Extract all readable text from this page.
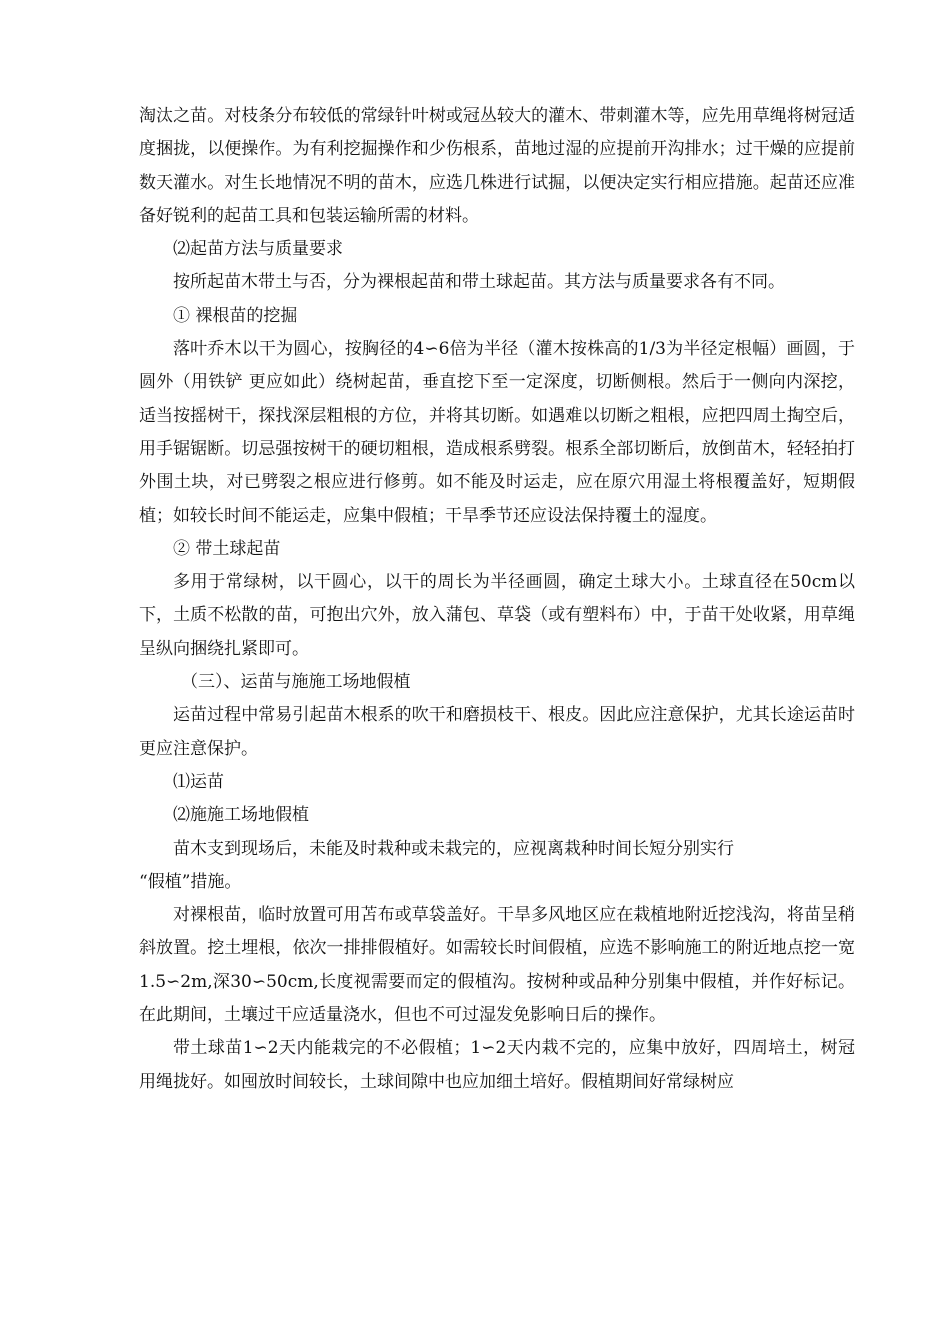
淘汰之苗。对枝条分布较低的常绿针叶树或冠丛较大的灌木、带刺灌木等，应先用草绳将树冠适度捆拢，以便操作。为有利挖掘操作和少伤根系，苗地过湿的应提前开沟排水；过干燥的应提前数天灌水。对生长地情况不明的苗木，应选几株进行试掘，以便决定实行相应措施。起苗还应准备好锐利的起苗工具和包装运输所需的材料。

⑵起苗方法与质量要求

按所起苗木带土与否，分为裸根起苗和带土球起苗。其方法与质量要求各有不同。

① 裸根苗的挖掘

落叶乔木以干为圆心，按胸径的4∽6倍为半径（灌木按株高的1/3为半径定根幅）画圆，于圆外（用铁铲 更应如此）绕树起苗，垂直挖下至一定深度，切断侧根。然后于一侧向内深挖，适当按摇树干，探找深层粗根的方位，并将其切断。如遇难以切断之粗根，应把四周土掏空后，用手锯锯断。切忌强按树干的硬切粗根，造成根系劈裂。根系全部切断后，放倒苗木，轻轻拍打外围土块，对已劈裂之根应进行修剪。如不能及时运走，应在原穴用湿土将根覆盖好，短期假植；如较长时间不能运走，应集中假植；干旱季节还应设法保持覆土的湿度。

② 带土球起苗

多用于常绿树，以干圆心，以干的周长为半径画圆，确定土球大小。土球直径在50cm以下，土质不松散的苗，可抱出穴外，放入蒲包、草袋（或有塑料布）中，于苗干处收紧，用草绳呈纵向捆绕扎紧即可。

（三）、运苗与施施工场地假植

运苗过程中常易引起苗木根系的吹干和磨损枝干、根皮。因此应注意保护，尤其长途运苗时更应注意保护。

⑴运苗

⑵施施工场地假植

苗木支到现场后，未能及时栽种或未栽完的，应视离栽种时间长短分别实行

“假植”措施。

对裸根苗，临时放置可用苫布或草袋盖好。干旱多风地区应在栽植地附近挖浅沟，将苗呈稍斜放置。挖土埋根，依次一排排假植好。如需较长时间假植，应选不影响施工的附近地点挖一宽1.5∽2m,深30∽50cm,长度视需要而定的假植沟。按树种或品种分别集中假植，并作好标记。在此期间，土壤过干应适量浇水，但也不可过湿发免影响日后的操作。

带土球苗1∽2天内能栽完的不必假植；1∽2天内栽不完的，应集中放好，四周培土，树冠用绳拢好。如囤放时间较长，土球间隙中也应加细土培好。假植期间好常绿树应
